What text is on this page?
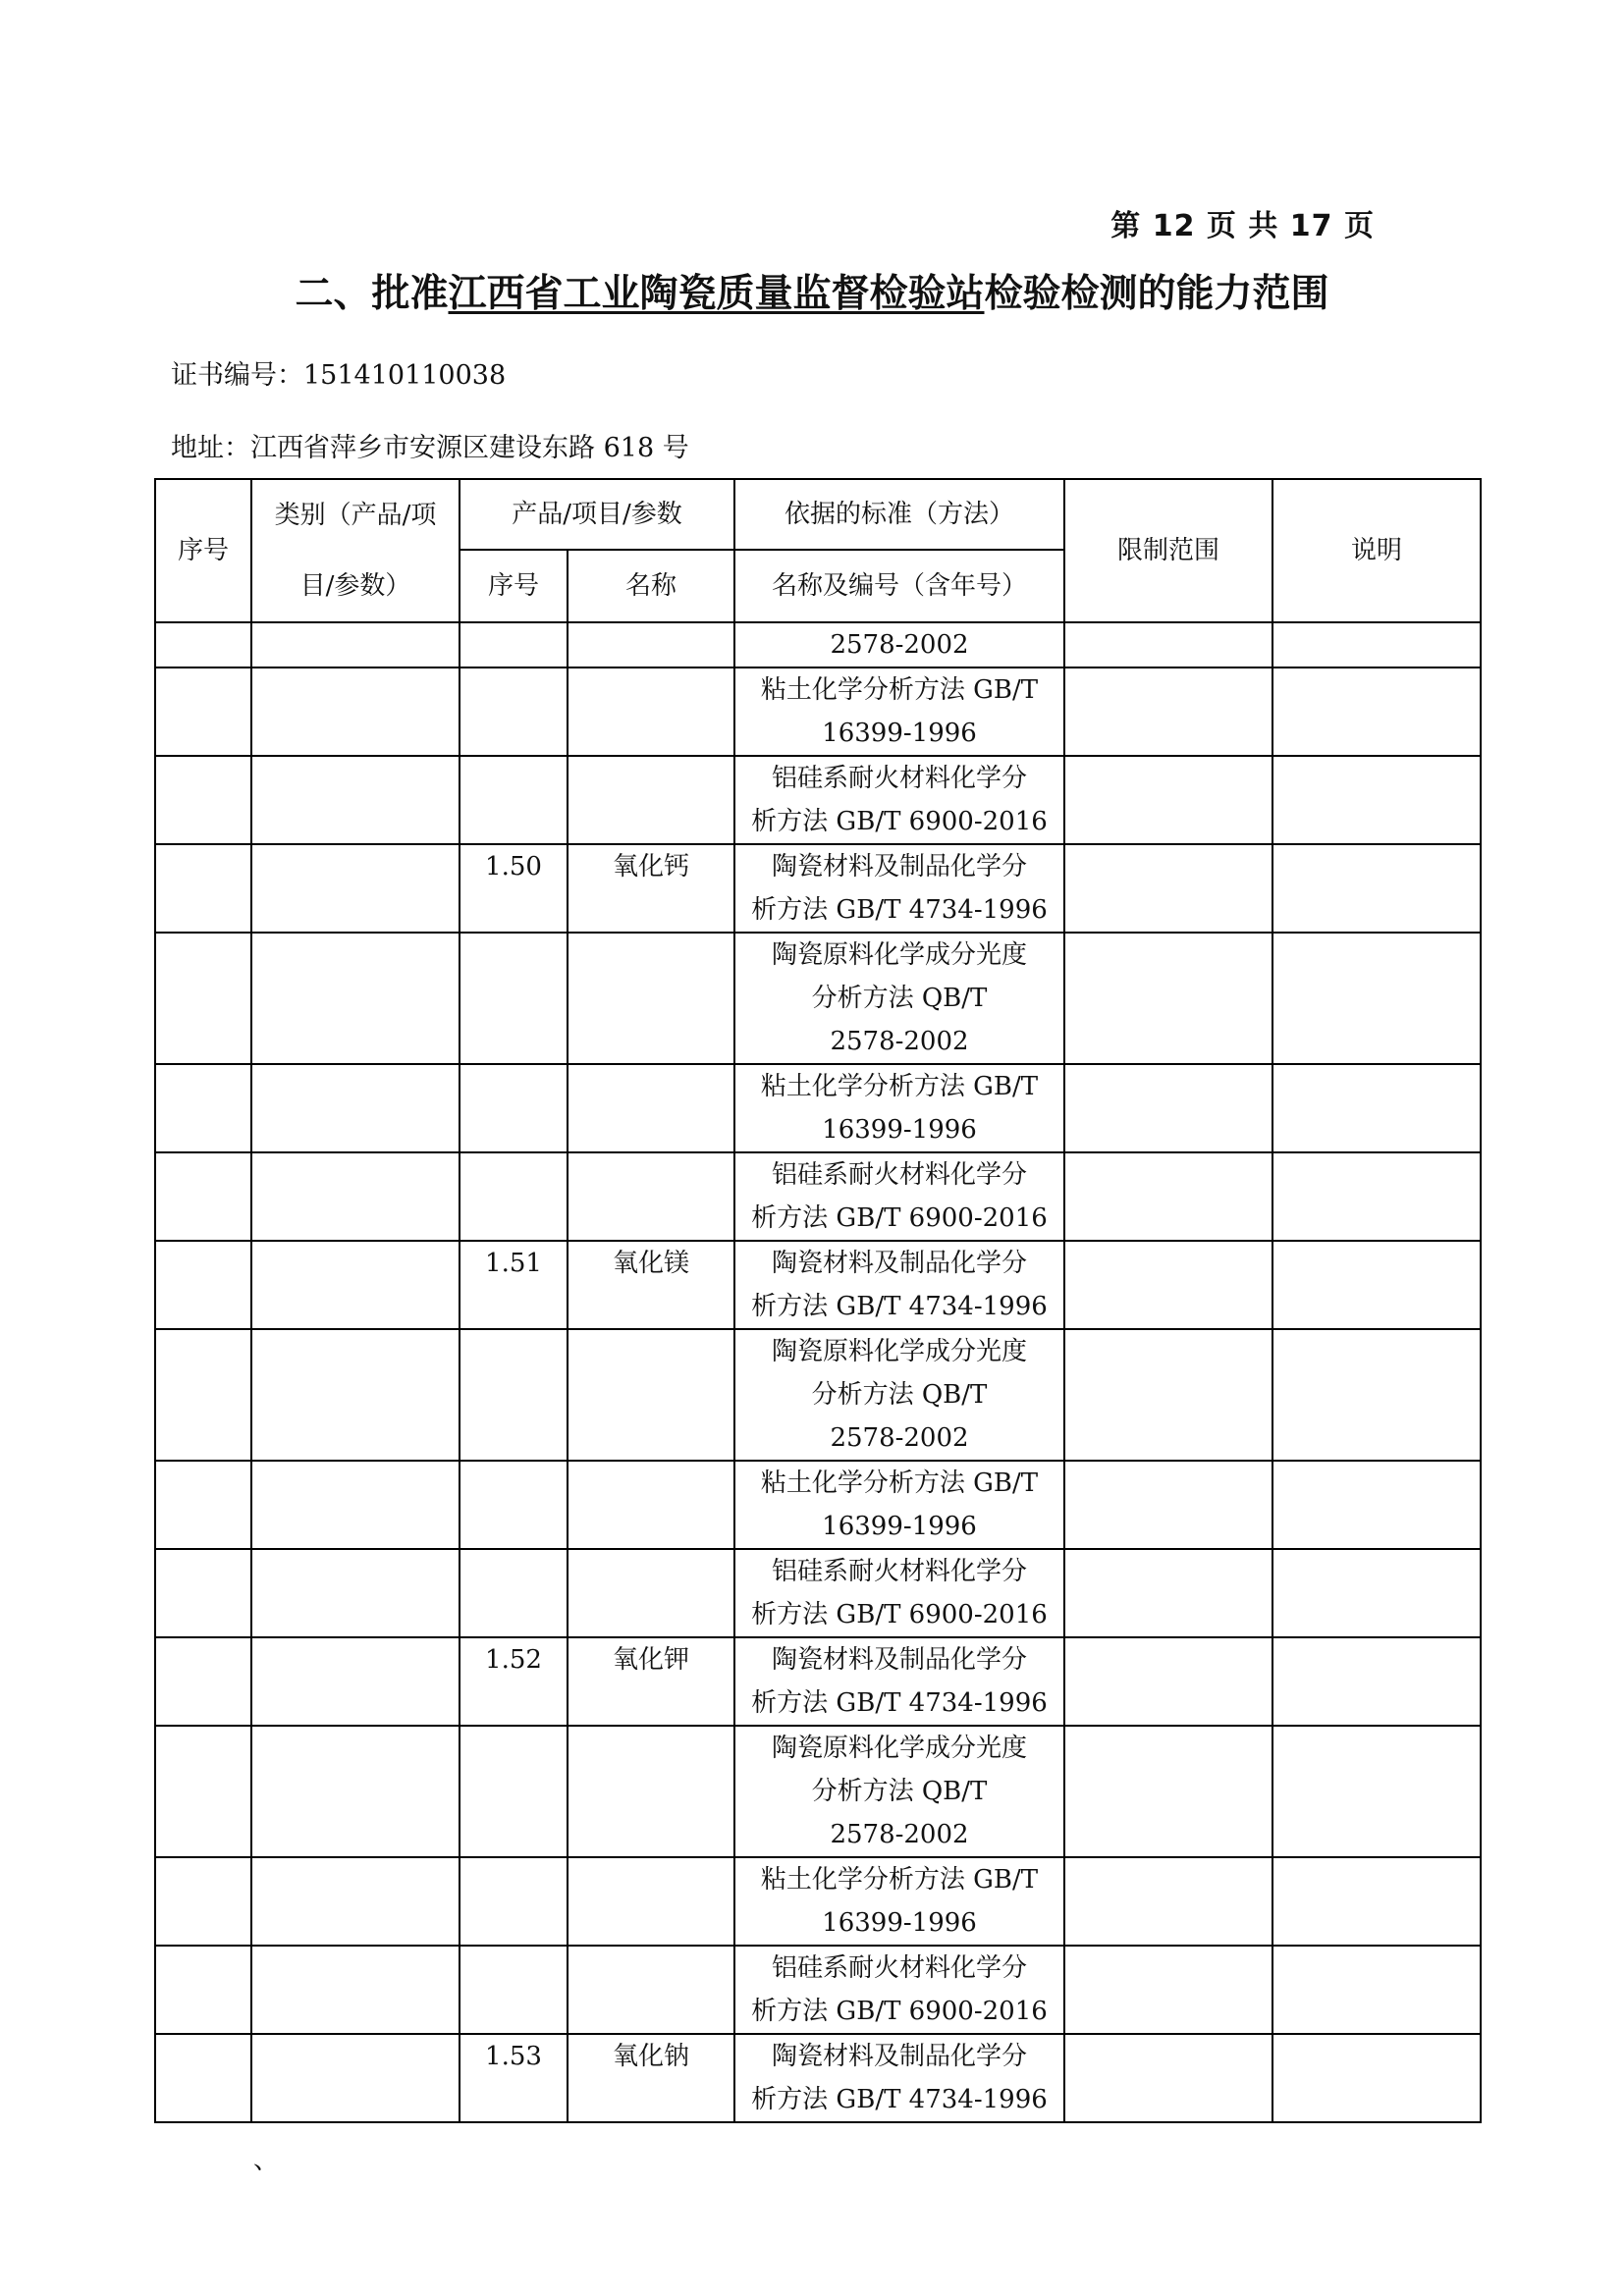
第 12 页 共 17 页
二、批准江西省工业陶瓷质量监督检验站检验检测的能力范围
证书编号：151410110038
地址：江西省萍乡市安源区建设东路 618 号
序号	类别（产品/项目/参数）	产品/项目/参数		依据的标准（方法）	限制范围	说明
		序号	名称	名称及编号（含年号）		
				2578-2002		
				粘土化学分析方法 GB/T
16399-1996		
				铝硅系耐火材料化学分
析方法 GB/T 6900-2016		
		1.50	氧化钙	陶瓷材料及制品化学分
析方法 GB/T 4734-1996		
				陶瓷原料化学成分光度
分析方法 QB/T
2578-2002		
				粘土化学分析方法 GB/T
16399-1996		
				铝硅系耐火材料化学分
析方法 GB/T 6900-2016		
		1.51	氧化镁	陶瓷材料及制品化学分
析方法 GB/T 4734-1996		
				陶瓷原料化学成分光度
分析方法 QB/T
2578-2002		
				粘土化学分析方法 GB/T
16399-1996		
				铝硅系耐火材料化学分
析方法 GB/T 6900-2016		
		1.52	氧化钾	陶瓷材料及制品化学分
析方法 GB/T 4734-1996		
				陶瓷原料化学成分光度
分析方法 QB/T
2578-2002		
				粘土化学分析方法 GB/T
16399-1996		
				铝硅系耐火材料化学分
析方法 GB/T 6900-2016		
		1.53	氧化钠	陶瓷材料及制品化学分
析方法 GB/T 4734-1996		
、
